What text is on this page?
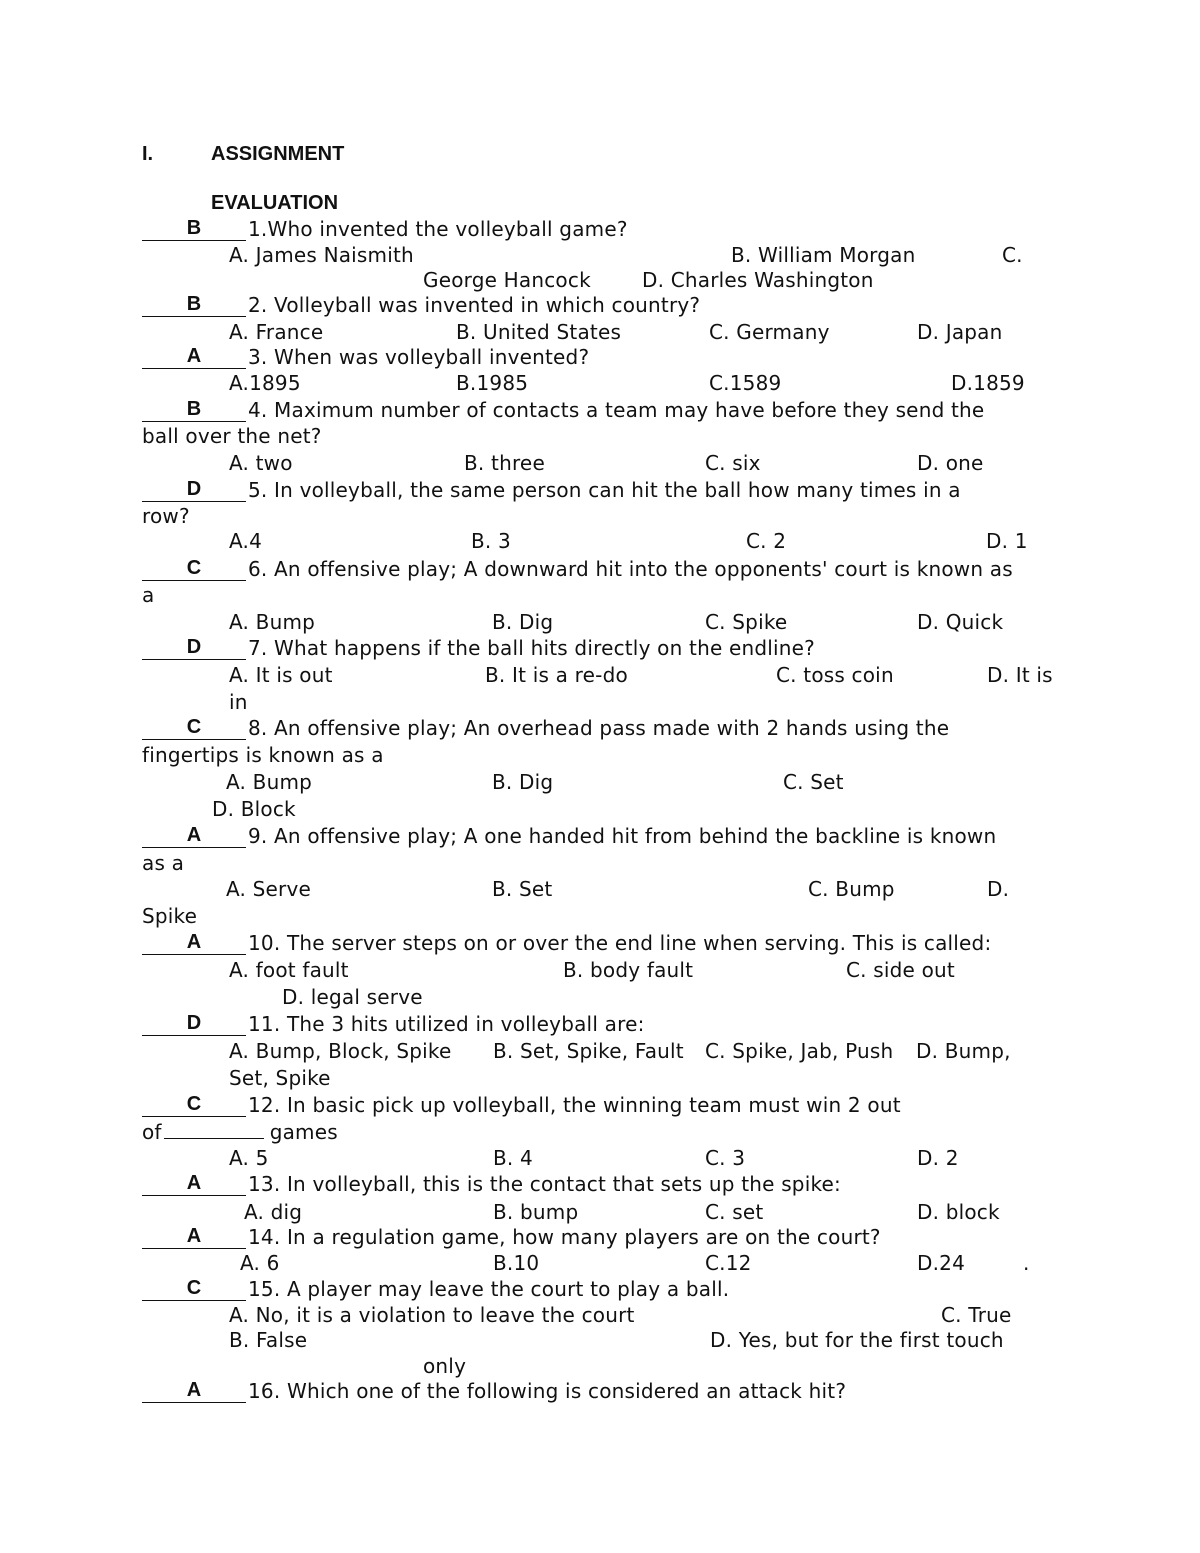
I.	ASSIGNMENT
EVALUATION
B	1.Who invented the volleyball game?
A. James Naismith	B. William Morgan	C.
George Hancock	D. Charles Washington
B	2. Volleyball was invented in which country?
A. France	B. United States	C. Germany	D. Japan
A	3. When was volleyball invented?
A.1895	B.1985	C.1589	D.1859
B	4. Maximum number of contacts a team may have before they send the
ball over the net?
A. two	B. three	C. six	D. one
D	5. In volleyball, the same person can hit the ball how many times in a
row?
A.4	B. 3	C. 2	D. 1
C	6. An offensive play; A downward hit into the opponents' court is known as
a
A. Bump	B. Dig	C. Spike	D. Quick
D	7. What happens if the ball hits directly on the endline?
A. It is out	B. It is a re-do	C. toss coin	D. It is
in
C	8. An offensive play; An overhead pass made with 2 hands using the
fingertips is known as a
A. Bump	B. Dig	C. Set
D. Block
A	9. An offensive play; A one handed hit from behind the backline is known
as a
A. Serve	B. Set	C. Bump	D.
Spike
A	10. The server steps on or over the end line when serving. This is called:
A. foot fault	B. body fault	C. side out
D. legal serve
D	11. The 3 hits utilized in volleyball are:
A. Bump, Block, Spike B. Set, Spike, Fault C. Spike, Jab, Push D. Bump,
Set, Spike
C	12. In basic pick up volleyball, the winning team must win 2 out
of	games
A. 5	B. 4	C. 3	D. 2
A	13. In volleyball, this is the contact that sets up the spike:
A. dig	B. bump	C. set	D. block
A	14. In a regulation game, how many players are on the court?
A. 6	B.10	C.12	D.24	.
C	15. A player may leave the court to play a ball.
A. No, it is a violation to leave the court	C. True
B. False	D. Yes, but for the first touch
only
A	16. Which one of the following is considered an attack hit?
